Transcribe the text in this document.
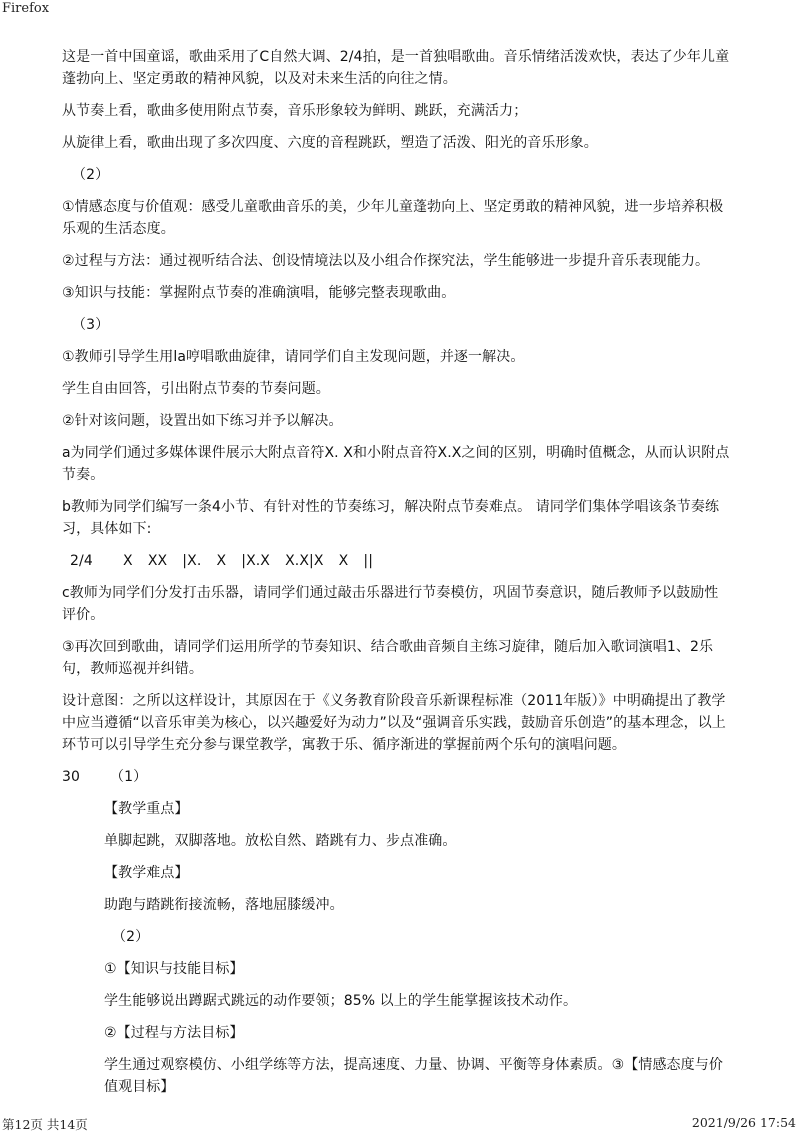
Firefox

这是一首中国童谣，歌曲采用了C自然大调、2/4拍，是一首独唱歌曲。音乐情绪活泼欢快，表达了少年儿童蓬勃向上、坚定勇敢的精神风貌，以及对未来生活的向往之情。

从节奏上看，歌曲多使用附点节奏，音乐形象较为鲜明、跳跃，充满活力；

从旋律上看，歌曲出现了多次四度、六度的音程跳跃，塑造了活泼、阳光的音乐形象。

（2）

①情感态度与价值观：感受儿童歌曲音乐的美，少年儿童蓬勃向上、坚定勇敢的精神风貌，进一步培养积极乐观的生活态度。

②过程与方法：通过视听结合法、创设情境法以及小组合作探究法，学生能够进一步提升音乐表现能力。

③知识与技能：掌握附点节奏的准确演唱，能够完整表现歌曲。

（3）

①教师引导学生用la哼唱歌曲旋律，请同学们自主发现问题，并逐一解决。

学生自由回答，引出附点节奏的节奏问题。

②针对该问题，设置出如下练习并予以解决。

a为同学们通过多媒体课件展示大附点音符X. X和小附点音符X.X之间的区别，明确时值概念，从而认识附点节奏。

b教师为同学们编写一条4小节、有针对性的节奏练习，解决附点节奏难点。 请同学们集体学唱该条节奏练习，具体如下:

2/4    X  XX  |X.  X  |X.X  X.X|X  X  ||

c教师为同学们分发打击乐器，请同学们通过敲击乐器进行节奏模仿，巩固节奏意识，随后教师予以鼓励性评价。

③再次回到歌曲，请同学们运用所学的节奏知识、结合歌曲音频自主练习旋律，随后加入歌词演唱1、2乐句，教师巡视并纠错。

设计意图：之所以这样设计，其原因在于《义务教育阶段音乐新课程标准（2011年版）》中明确提出了教学中应当遵循“以音乐审美为核心，以兴趣爱好为动力”以及“强调音乐实践，鼓励音乐创造”的基本理念，以上环节可以引导学生充分参与课堂教学，寓教于乐、循序渐进的掌握前两个乐句的演唱问题。

30	（1）

【教学重点】

单脚起跳，双脚落地。放松自然、踏跳有力、步点准确。

【教学难点】

助跑与踏跳衔接流畅，落地屈膝缓冲。

（2）

①【知识与技能目标】

学生能够说出蹲踞式跳远的动作要领；85% 以上的学生能掌握该技术动作。

②【过程与方法目标】

学生通过观察模仿、小组学练等方法，提高速度、力量、协调、平衡等身体素质。③【情感态度与价值观目标】

第12页 共14页	2021/9/26 17:54
